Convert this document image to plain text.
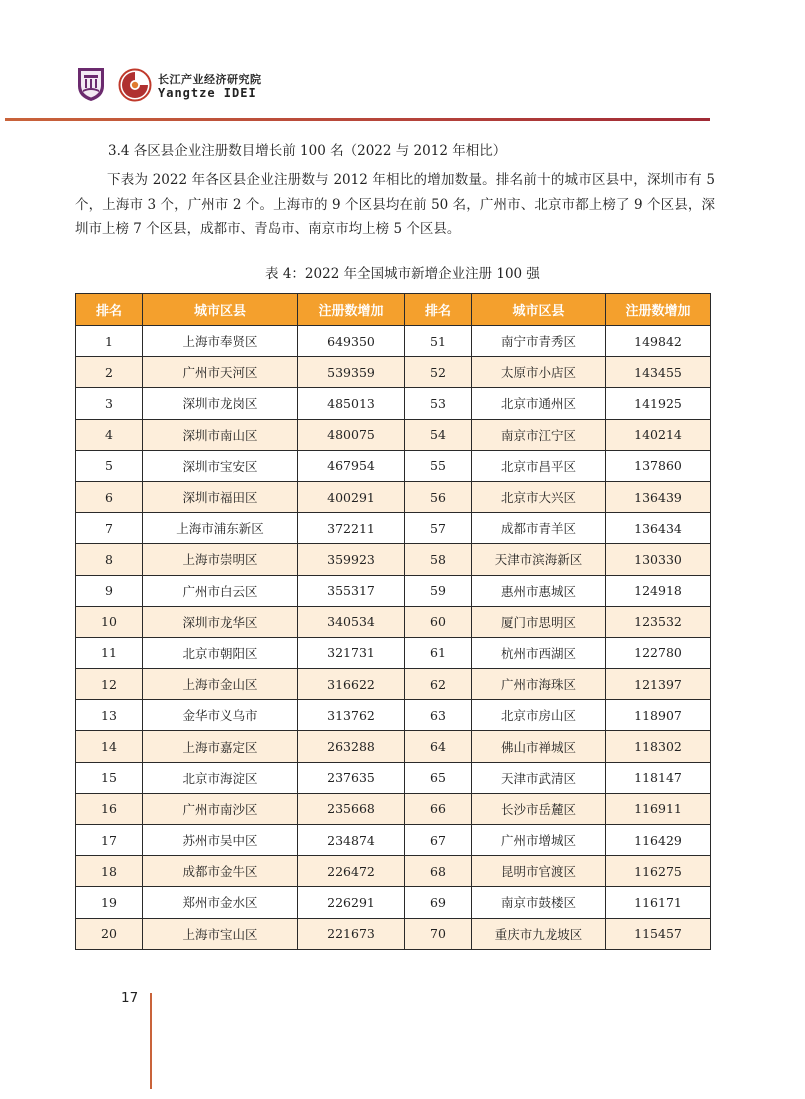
长江产业经济研究院
Yangtze IDEI
3.4 各区县企业注册数目增长前 100 名（2022 与 2012 年相比）
下表为 2022 年各区县企业注册数与 2012 年相比的增加数量。排名前十的城市区县中，深圳市有 5 个，上海市 3 个，广州市 2 个。上海市的 9 个区县均在前 50 名，广州市、北京市都上榜了 9 个区县，深圳市上榜 7 个区县，成都市、青岛市、南京市均上榜 5 个区县。
表 4：2022 年全国城市新增企业注册 100 强
排名	城市区县	注册数增加	排名	城市区县	注册数增加
1	上海市奉贤区	649350	51	南宁市青秀区	149842
2	广州市天河区	539359	52	太原市小店区	143455
3	深圳市龙岗区	485013	53	北京市通州区	141925
4	深圳市南山区	480075	54	南京市江宁区	140214
5	深圳市宝安区	467954	55	北京市昌平区	137860
6	深圳市福田区	400291	56	北京市大兴区	136439
7	上海市浦东新区	372211	57	成都市青羊区	136434
8	上海市崇明区	359923	58	天津市滨海新区	130330
9	广州市白云区	355317	59	惠州市惠城区	124918
10	深圳市龙华区	340534	60	厦门市思明区	123532
11	北京市朝阳区	321731	61	杭州市西湖区	122780
12	上海市金山区	316622	62	广州市海珠区	121397
13	金华市义乌市	313762	63	北京市房山区	118907
14	上海市嘉定区	263288	64	佛山市禅城区	118302
15	北京市海淀区	237635	65	天津市武清区	118147
16	广州市南沙区	235668	66	长沙市岳麓区	116911
17	苏州市吴中区	234874	67	广州市增城区	116429
18	成都市金牛区	226472	68	昆明市官渡区	116275
19	郑州市金水区	226291	69	南京市鼓楼区	116171
20	上海市宝山区	221673	70	重庆市九龙坡区	115457
17
